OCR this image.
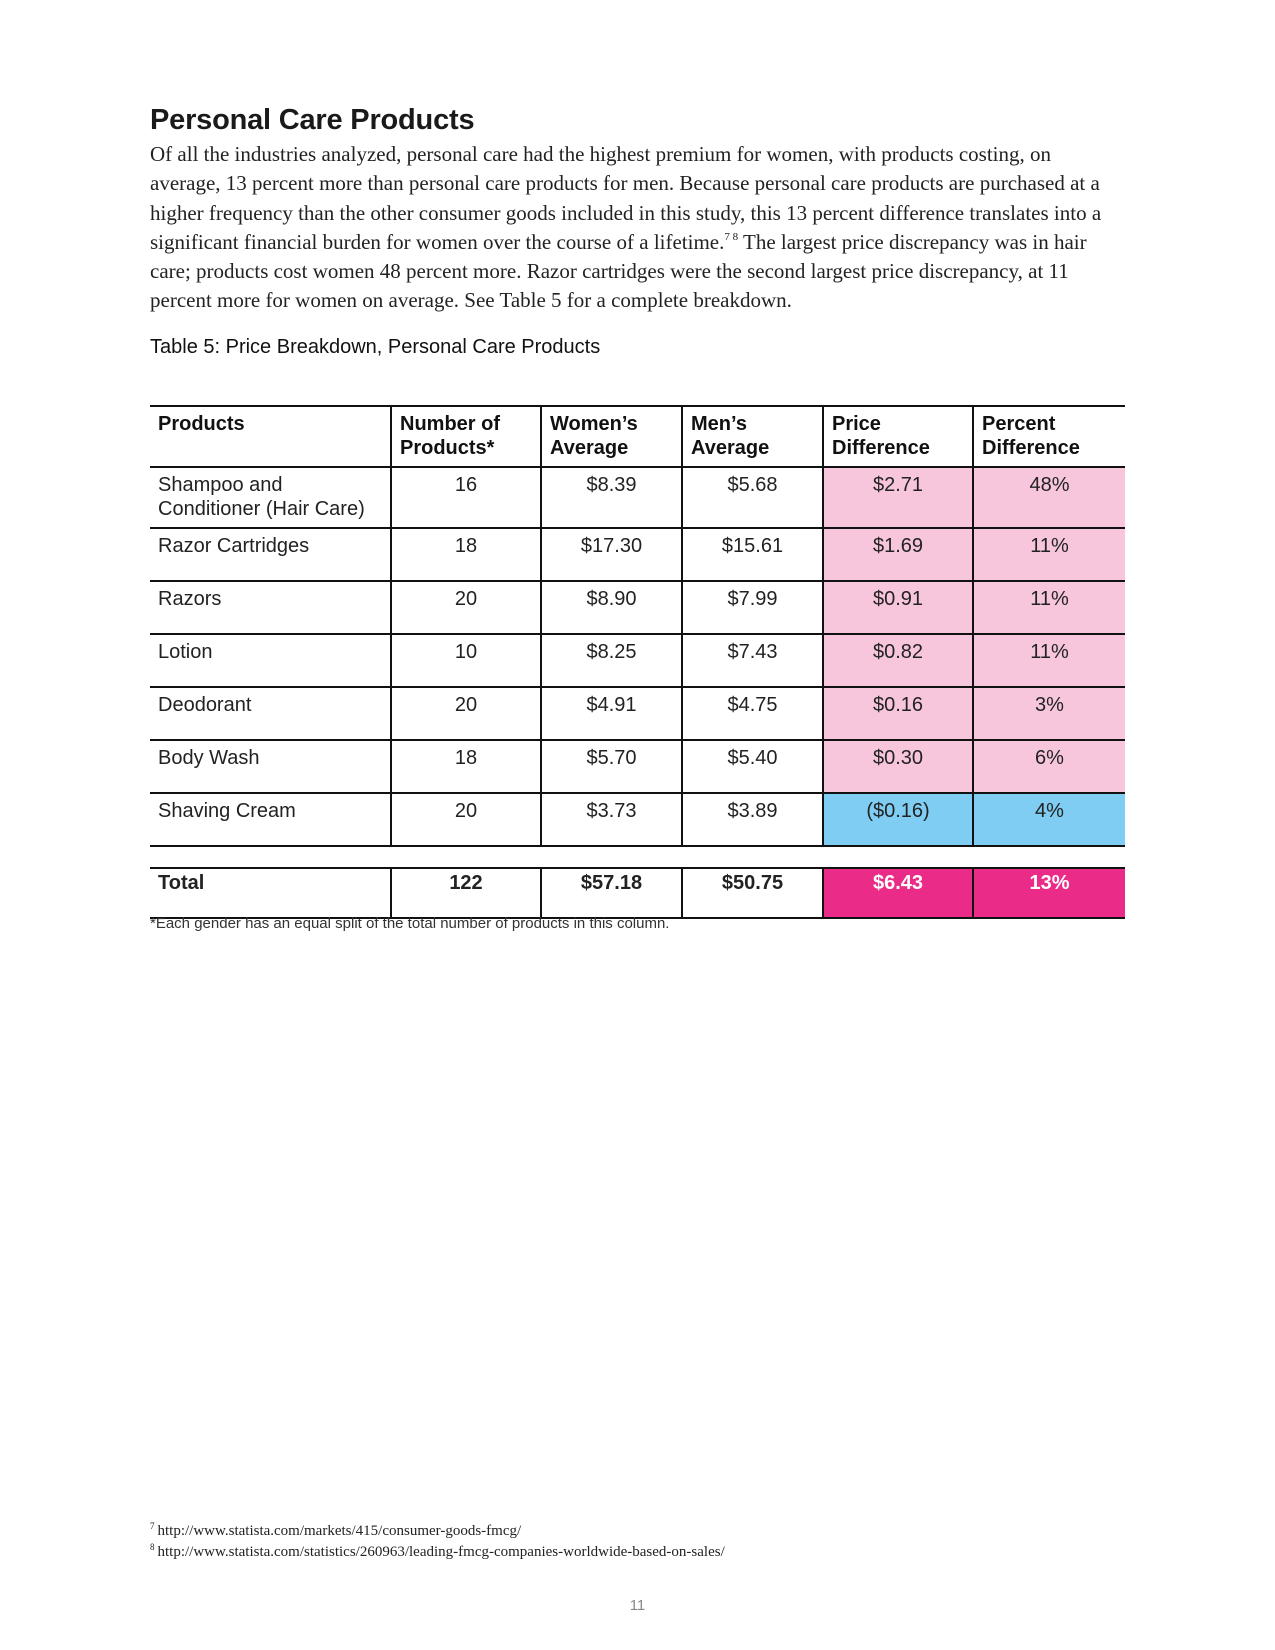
Personal Care Products

Of all the industries analyzed, personal care had the highest premium for women, with products costing, on average, 13 percent more than personal care products for men. Because personal care products are purchased at a higher frequency than the other consumer goods included in this study, this 13 percent difference translates into a significant financial burden for women over the course of a lifetime.$^{7 8}$ The largest price discrepancy was in hair care; products cost women 48 percent more. Razor cartridges were the second largest price discrepancy, at 11 percent more for women on average. See Table 5 for a complete breakdown.

Table 5: Price Breakdown, Personal Care Products

Products	Number of Products*	Women’s Average	Men’s Average	Price Difference	Percent Difference
Shampoo and Conditioner (Hair Care)	16	$8.39	$5.68	$2.71	48%
Razor Cartridges	18	$17.30	$15.61	$1.69	11%
Razors	20	$8.90	$7.99	$0.91	11%
Lotion	10	$8.25	$7.43	$0.82	11%
Deodorant	20	$4.91	$4.75	$0.16	3%
Body Wash	18	$5.70	$5.40	$0.30	6%
Shaving Cream	20	$3.73	$3.89	($0.16)	4%

Total	122	$57.18	$50.75	$6.43	13%

*Each gender has an equal split of the total number of products in this column.

$^7$ http://www.statista.com/markets/415/consumer-goods-fmcg/
$^8$ http://www.statista.com/statistics/260963/leading-fmcg-companies-worldwide-based-on-sales/
11
